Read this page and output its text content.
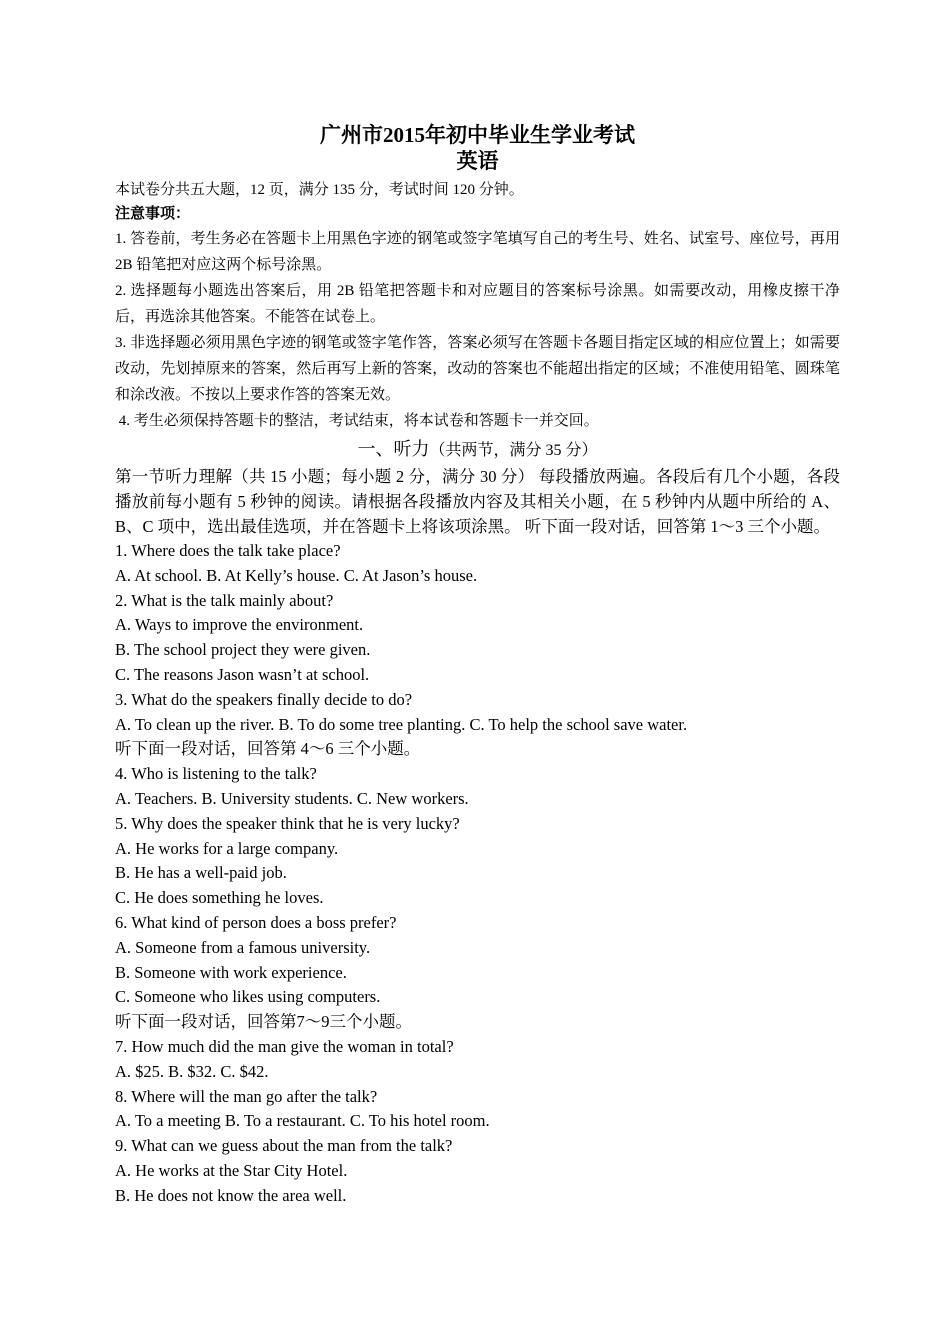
广州市2015年初中毕业生学业考试

英语

本试卷分共五大题，12 页，满分 135 分，考试时间 120 分钟。

注意事项：

1. 答卷前，考生务必在答题卡上用黑色字迹的钢笔或签字笔填写自己的考生号、姓名、试室号、座位号，再用 2B 铅笔把对应这两个标号涂黑。

2. 选择题每小题选出答案后，用 2B 铅笔把答题卡和对应题目的答案标号涂黑。如需要改动，用橡皮擦干净后，再选涂其他答案。不能答在试卷上。

3. 非选择题必须用黑色字迹的钢笔或签字笔作答，答案必须写在答题卡各题目指定区域的相应位置上；如需要改动，先划掉原来的答案，然后再写上新的答案，改动的答案也不能超出指定的区域；不准使用铅笔、圆珠笔和涂改液。不按以上要求作答的答案无效。

4. 考生必须保持答题卡的整洁，考试结束，将本试卷和答题卡一并交回。

一、听力（共两节，满分 35 分）

第一节听力理解（共 15 小题；每小题 2 分，满分 30 分） 每段播放两遍。各段后有几个小题，各段播放前每小题有 5 秒钟的阅读。请根据各段播放内容及其相关小题，在 5 秒钟内从题中所给的 A、B、C 项中，选出最佳选项，并在答题卡上将该项涂黑。 听下面一段对话，回答第 1～3 三个小题。

1. Where does the talk take place?

A. At school. B. At Kelly’s house. C. At Jason’s house.

2. What is the talk mainly about?

A. Ways to improve the environment.

B. The school project they were given.

C. The reasons Jason wasn’t at school.

3. What do the speakers finally decide to do?

A. To clean up the river. B. To do some tree planting. C. To help the school save water.

听下面一段对话，回答第 4～6 三个小题。

4. Who is listening to the talk?

A. Teachers. B. University students. C. New workers.

5. Why does the speaker think that he is very lucky?

A. He works for a large company.

B. He has a well-paid job.

C. He does something he loves.

6. What kind of person does a boss prefer?

A. Someone from a famous university.

B. Someone with work experience.

C. Someone who likes using computers.

听下面一段对话，回答第7～9三个小题。

7. How much did the man give the woman in total?

A. $25. B. $32. C. $42.

8. Where will the man go after the talk?

A. To a meeting B. To a restaurant. C. To his hotel room.

9. What can we guess about the man from the talk?

A. He works at the Star City Hotel.

B. He does not know the area well.
